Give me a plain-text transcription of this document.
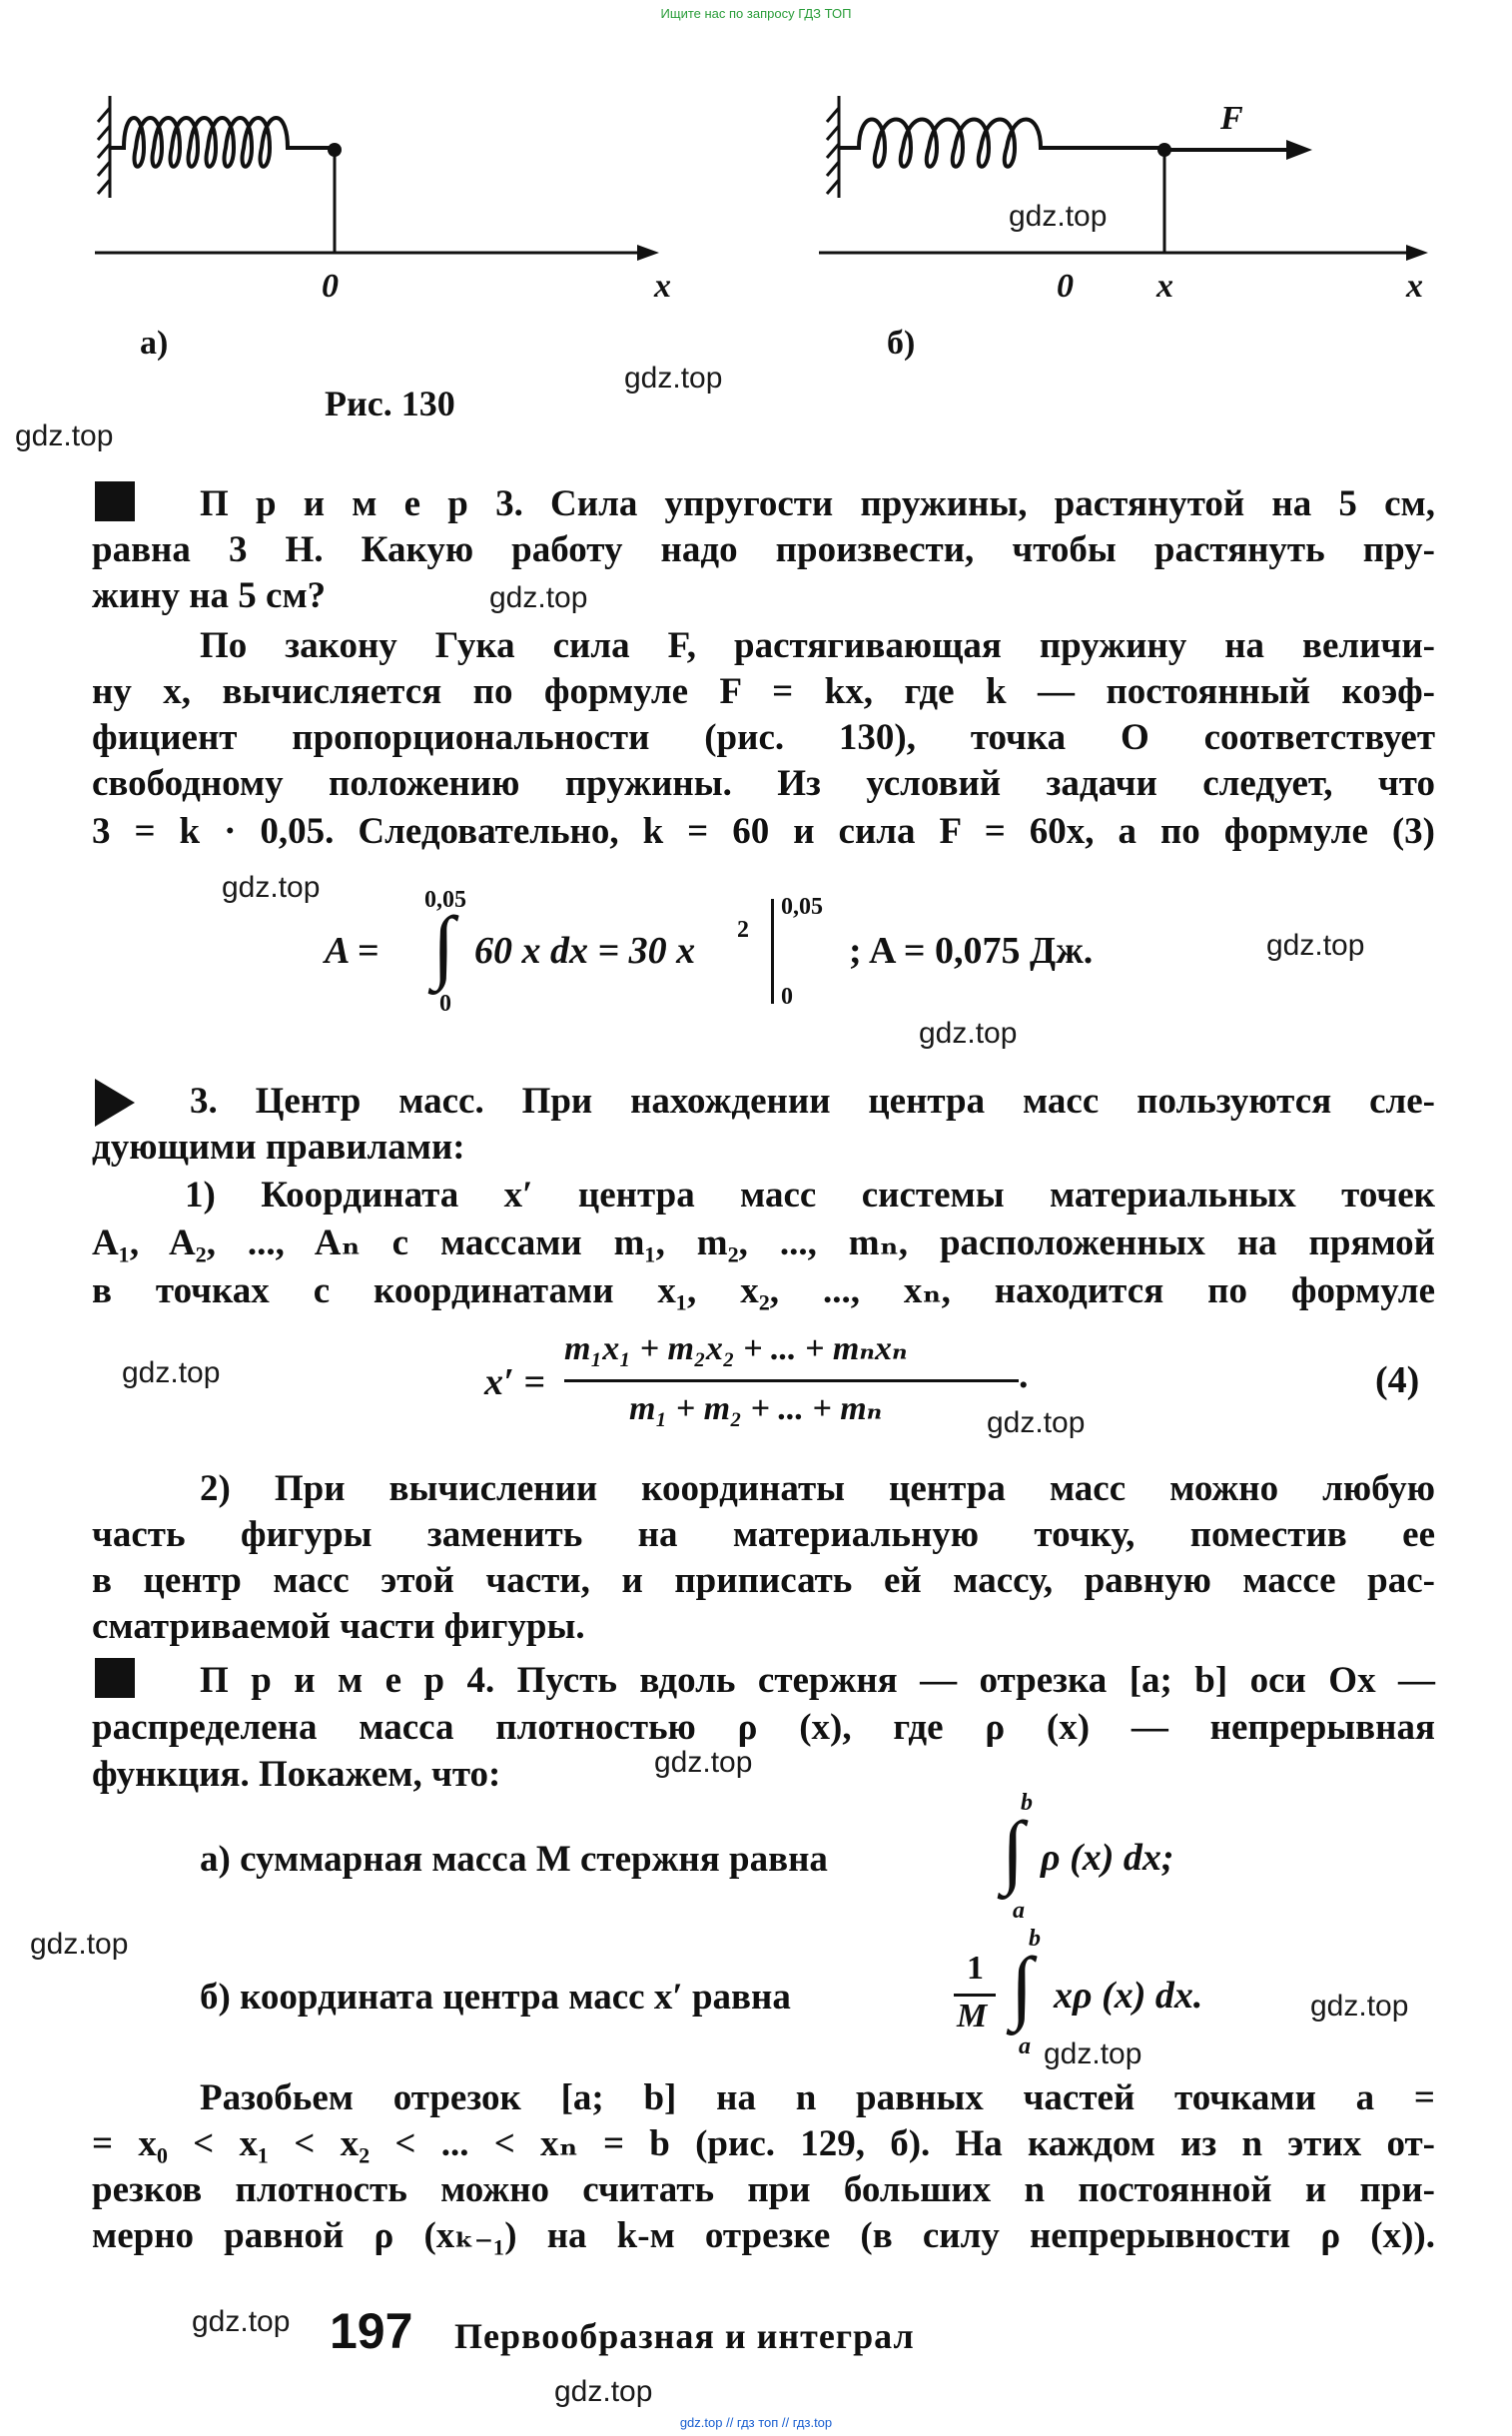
Ищите нас по запросу ГДЗ ТОП
gdz.top // гдз топ // гдз.top
F
0	x	0 x	x
а)	б)
Рис. 130
П р и м е р 3. Сила упругости пружины, растянутой на 5 см,
равна 3 Н. Какую работу надо произвести, чтобы растянуть пру-
жину на 5 см?
По закону Гука сила F, растягивающая пружину на величи-
ну x, вычисляется по формуле F = kx, где k — постоянный коэф-
фициент пропорциональности (рис. 130), точка O соответствует
свободному положению пружины. Из условий задачи следует, что
3 = k · 0,05. Следовательно, k = 60 и сила F = 60x, а по формуле (3)
A =
0,05
∫
0
60 x dx = 30 x 2
0,05
0
; A = 0,075 Дж.
3. Центр масс. При нахождении центра масс пользуются сле-
дующими правилами:
1) Координата x′ центра масс системы материальных точек
A₁, A₂, ..., Aₙ с массами m₁, m₂, ..., mₙ, расположенных на прямой
в точках с координатами x₁, x₂, ..., xₙ, находится по формуле
x′ =
m₁x₁ + m₂x₂ + ... + mₙxₙ
m₁ + m₂ + ... + mₙ
.	(4)
2) При вычислении координаты центра масс можно любую
часть фигуры заменить на материальную точку, поместив ее
в центр масс этой части, и приписать ей массу, равную массе рас-
сматриваемой части фигуры.
П р и м е р 4. Пусть вдоль стержня — отрезка [a; b] оси Ox —
распределена масса плотностью ρ (x), где ρ (x) — непрерывная
функция. Покажем, что:
а) суммарная масса M стержня равна
b
∫
a
ρ (x) dx;
б) координата центра масс x′ равна
1
M
b
∫
a
xρ (x) dx.
Разобьем отрезок [a; b] на n равных частей точками a =
= x₀ < x₁ < x₂ < ... < xₙ = b (рис. 129, б). На каждом из n этих от-
резков плотность можно считать при больших n постоянной и при-
мерно равной ρ (xₖ₋₁) на k-м отрезке (в силу непрерывности ρ (x)).
197 Первообразная и интеграл
gdz.top
gdz.top
gdz.top
gdz.top
gdz.top
gdz.top
gdz.top
gdz.top
gdz.top
gdz.top
gdz.top
gdz.top
gdz.top
gdz.top
gdz.top
